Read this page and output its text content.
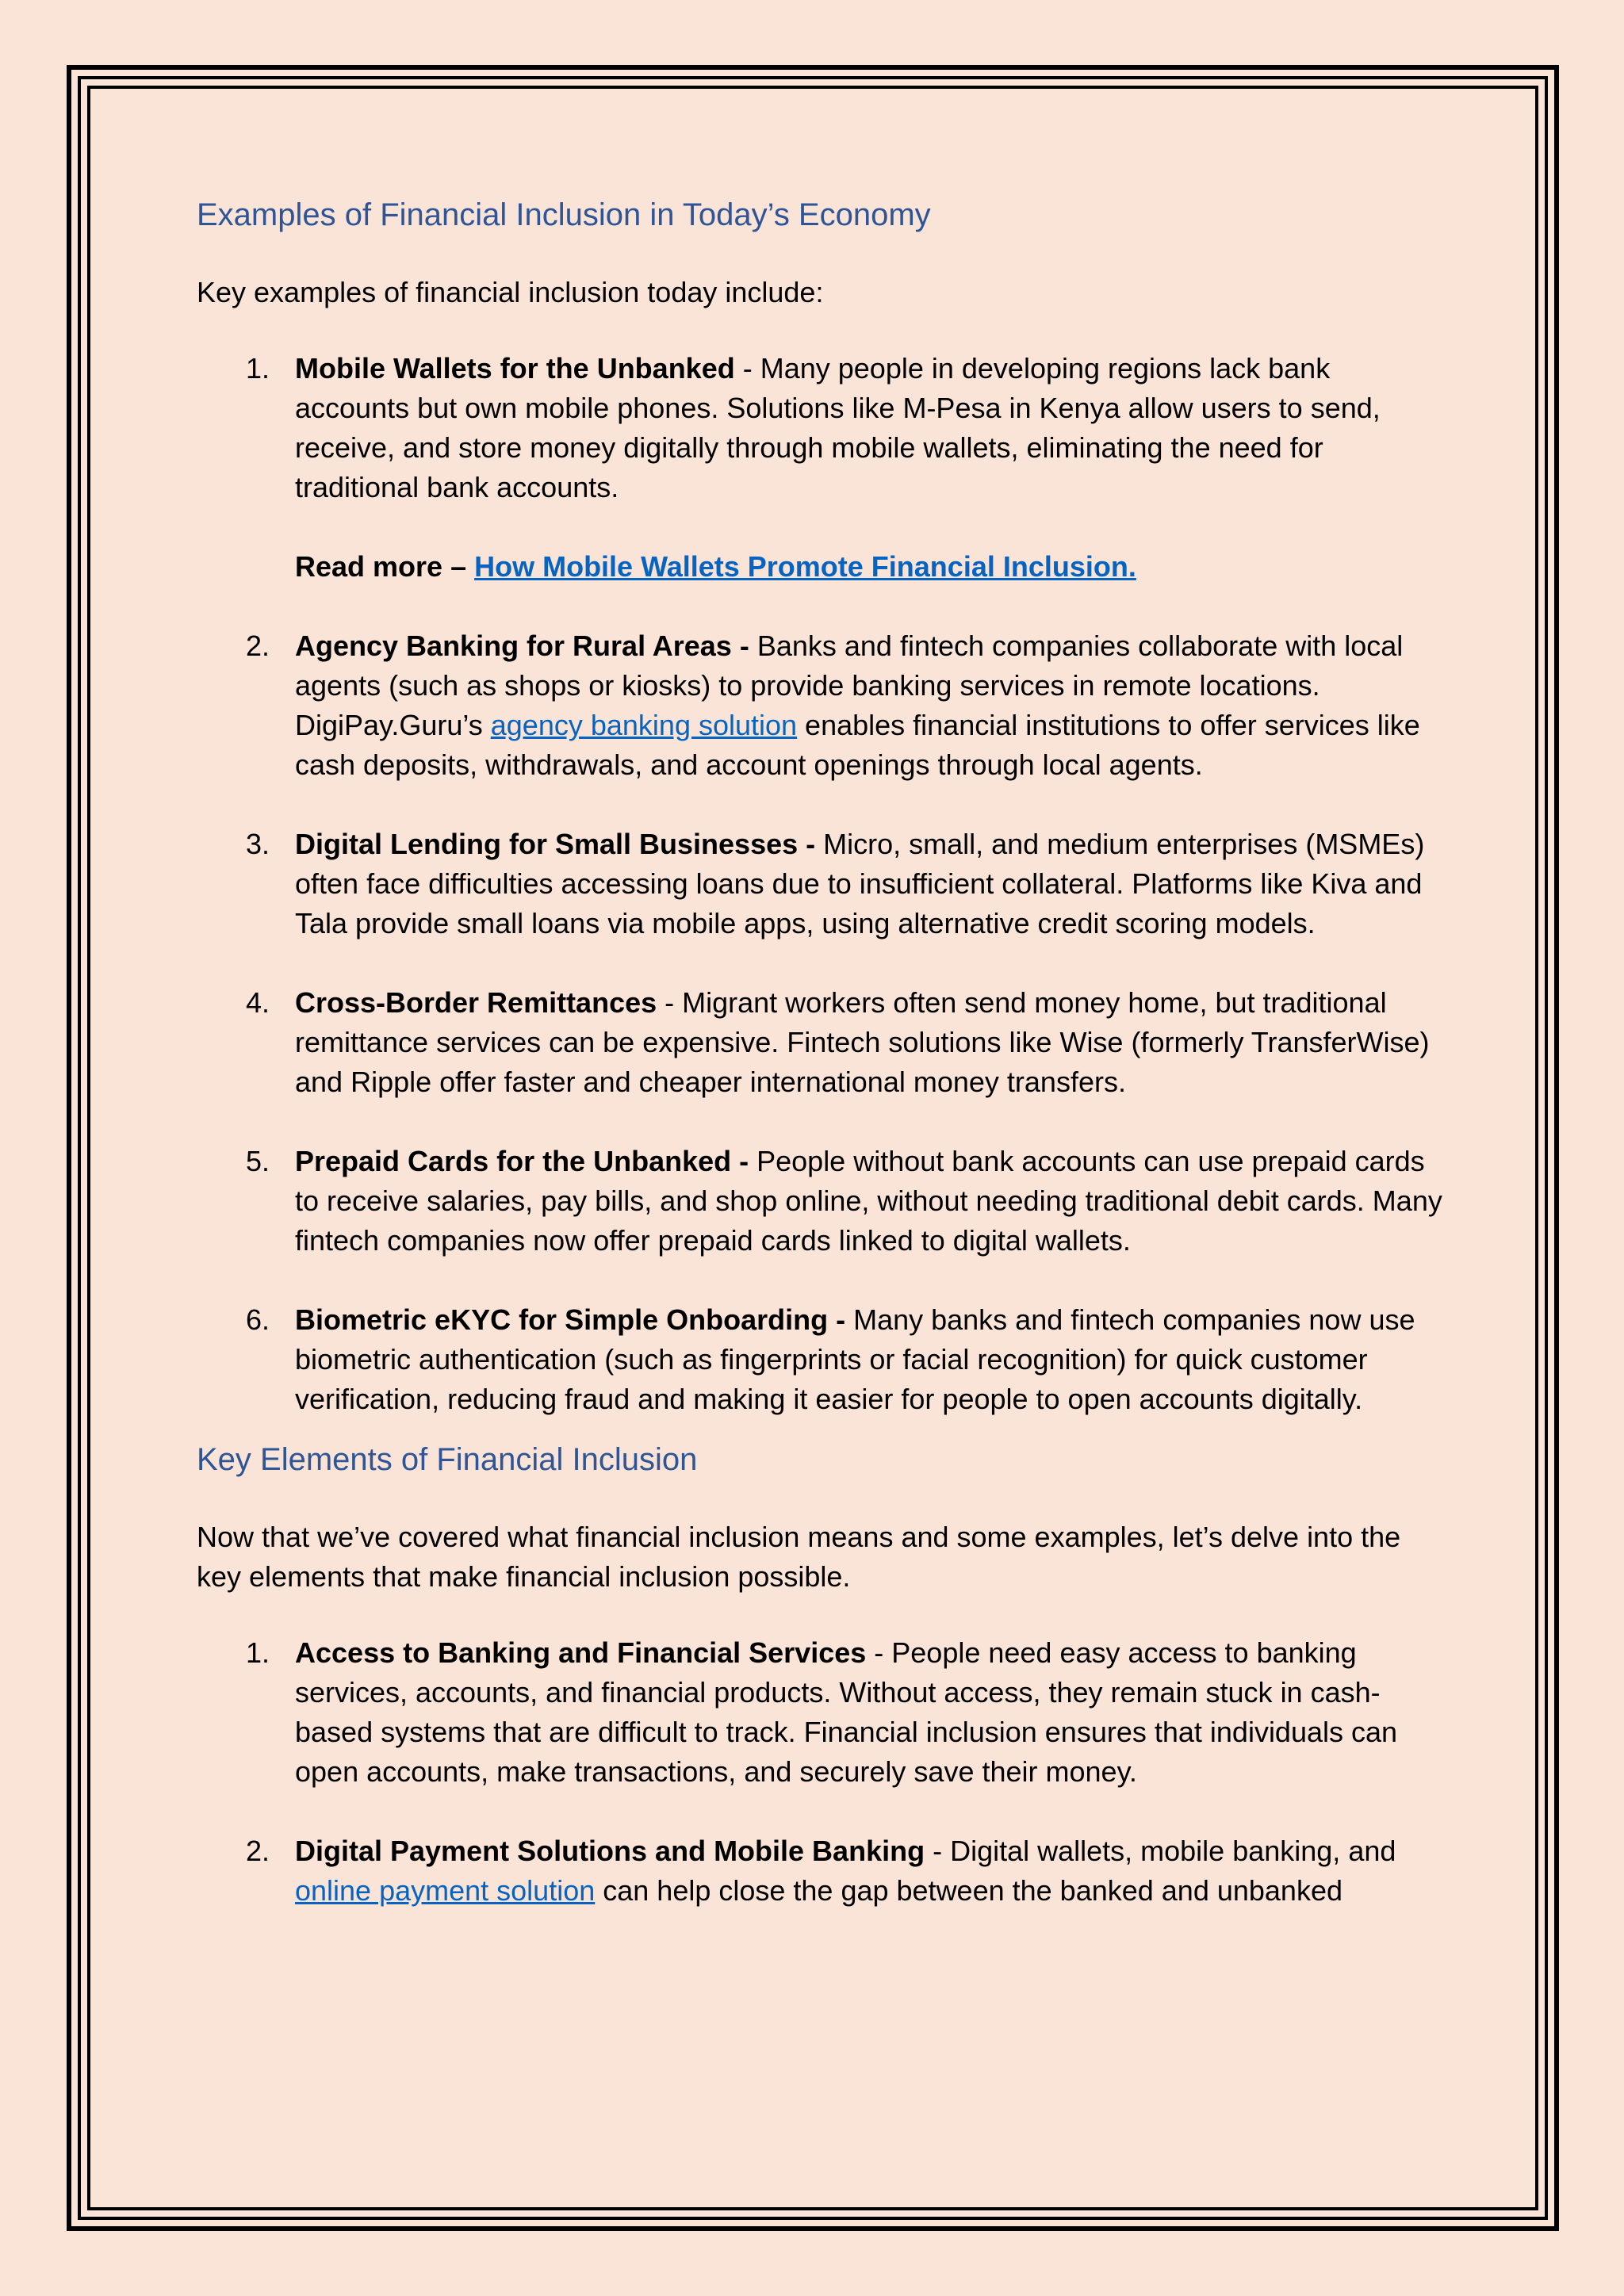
Examples of Financial Inclusion in Today’s Economy

Key examples of financial inclusion today include:

1. Mobile Wallets for the Unbanked - Many people in developing regions lack bank accounts but own mobile phones. Solutions like M-Pesa in Kenya allow users to send, receive, and store money digitally through mobile wallets, eliminating the need for traditional bank accounts.
Read more – How Mobile Wallets Promote Financial Inclusion.
2. Agency Banking for Rural Areas - Banks and fintech companies collaborate with local agents (such as shops or kiosks) to provide banking services in remote locations. DigiPay.Guru’s agency banking solution enables financial institutions to offer services like cash deposits, withdrawals, and account openings through local agents.
3. Digital Lending for Small Businesses - Micro, small, and medium enterprises (MSMEs) often face difficulties accessing loans due to insufficient collateral. Platforms like Kiva and Tala provide small loans via mobile apps, using alternative credit scoring models.
4. Cross-Border Remittances - Migrant workers often send money home, but traditional remittance services can be expensive. Fintech solutions like Wise (formerly TransferWise) and Ripple offer faster and cheaper international money transfers.
5. Prepaid Cards for the Unbanked - People without bank accounts can use prepaid cards to receive salaries, pay bills, and shop online, without needing traditional debit cards. Many fintech companies now offer prepaid cards linked to digital wallets.
6. Biometric eKYC for Simple Onboarding - Many banks and fintech companies now use biometric authentication (such as fingerprints or facial recognition) for quick customer verification, reducing fraud and making it easier for people to open accounts digitally.
Key Elements of Financial Inclusion

Now that we’ve covered what financial inclusion means and some examples, let’s delve into the key elements that make financial inclusion possible.

1. Access to Banking and Financial Services - People need easy access to banking services, accounts, and financial products. Without access, they remain stuck in cash-based systems that are difficult to track. Financial inclusion ensures that individuals can open accounts, make transactions, and securely save their money.
2. Digital Payment Solutions and Mobile Banking - Digital wallets, mobile banking, and online payment solution can help close the gap between the banked and unbanked
